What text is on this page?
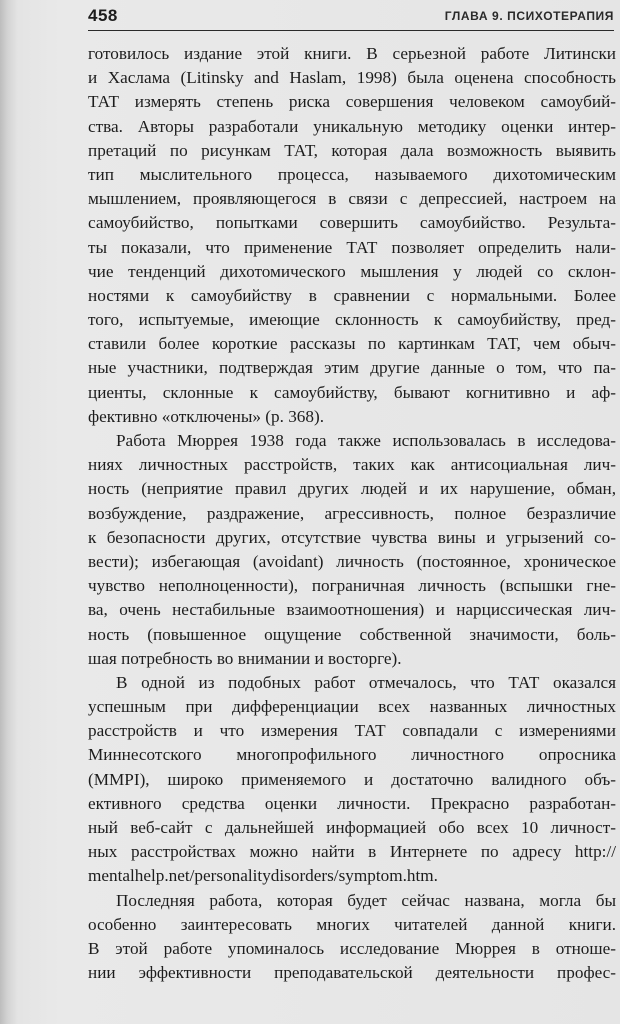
458	ГЛАВА 9. ПСИХОТЕРАПИЯ
готовилось издание этой книги. В серьезной работе Литински
и Хаслама (Litinsky and Haslam, 1998) была оценена способность
ТАТ измерять степень риска совершения человеком самоубий-
ства. Авторы разработали уникальную методику оценки интер-
претаций по рисункам ТАТ, которая дала возможность выявить
тип мыслительного процесса, называемого дихотомическим
мышлением, проявляющегося в связи с депрессией, настроем на
самоубийство, попытками совершить самоубийство. Результа-
ты показали, что применение ТАТ позволяет определить нали-
чие тенденций дихотомического мышления у людей со склон-
ностями к самоубийству в сравнении с нормальными. Более
того, испытуемые, имеющие склонность к самоубийству, пред-
ставили более короткие рассказы по картинкам ТАТ, чем обыч-
ные участники, подтверждая этим другие данные о том, что па-
циенты, склонные к самоубийству, бывают когнитивно и аф-
фективно «отключены» (р. 368).
Работа Мюррея 1938 года также использовалась в исследова-
ниях личностных расстройств, таких как антисоциальная лич-
ность (неприятие правил других людей и их нарушение, обман,
возбуждение, раздражение, агрессивность, полное безразличие
к безопасности других, отсутствие чувства вины и угрызений со-
вести); избегающая (avoidant) личность (постоянное, хроническое
чувство неполноценности), пограничная личность (вспышки гне-
ва, очень нестабильные взаимоотношения) и нарциссическая лич-
ность (повышенное ощущение собственной значимости, боль-
шая потребность во внимании и восторге).
В одной из подобных работ отмечалось, что ТАТ оказался
успешным при дифференциации всех названных личностных
расстройств и что измерения ТАТ совпадали с измерениями
Миннесотского многопрофильного личностного опросника
(MMPI), широко применяемого и достаточно валидного объ-
ективного средства оценки личности. Прекрасно разработан-
ный веб-сайт с дальнейшей информацией обо всех 10 личност-
ных расстройствах можно найти в Интернете по адресу http://
mentalhelp.net/personalitydisorders/symptom.htm.
Последняя работа, которая будет сейчас названа, могла бы
особенно заинтересовать многих читателей данной книги.
В этой работе упоминалось исследование Мюррея в отноше-
нии эффективности преподавательской деятельности профес-
